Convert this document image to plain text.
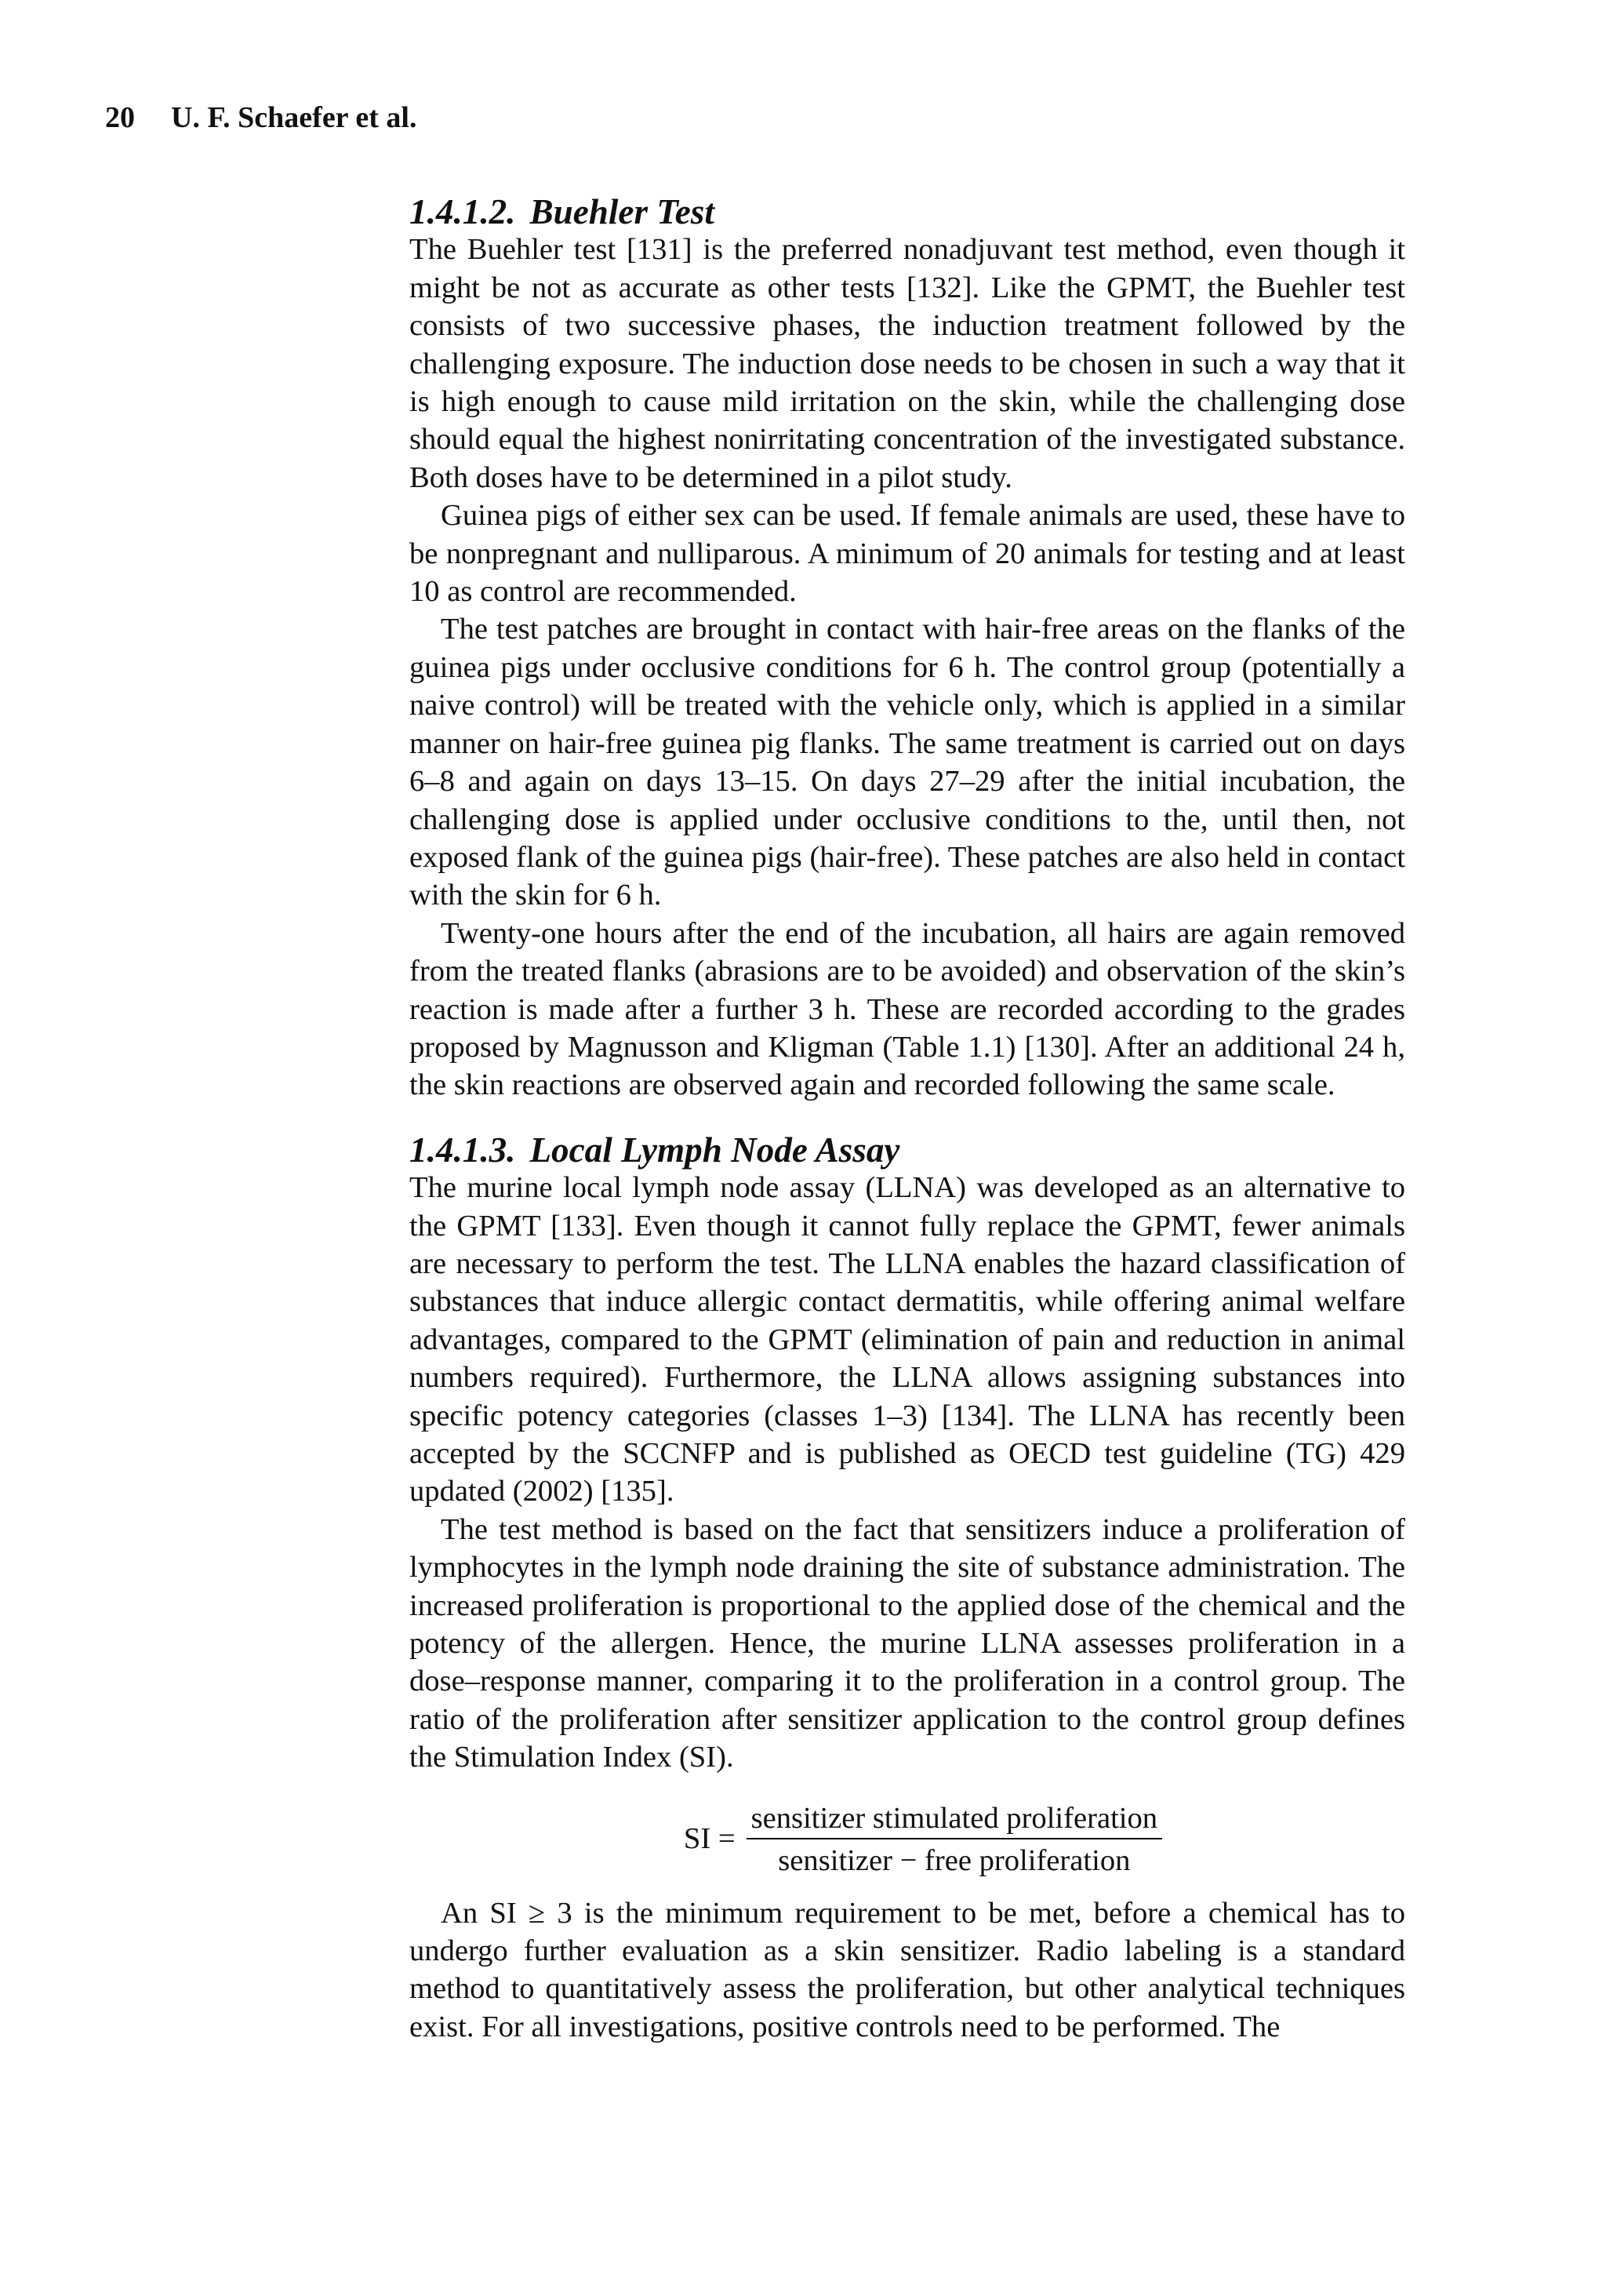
20 U. F. Schaefer et al.
1.4.1.2. Buehler Test

The Buehler test [131] is the preferred nonadjuvant test method, even though it might be not as accurate as other tests [132]. Like the GPMT, the Buehler test consists of two successive phases, the induction treatment followed by the challenging exposure. The induction dose needs to be chosen in such a way that it is high enough to cause mild irritation on the skin, while the challenging dose should equal the highest nonirritating concentration of the investigated substance. Both doses have to be determined in a pilot study.

Guinea pigs of either sex can be used. If female animals are used, these have to be nonpregnant and nulliparous. A minimum of 20 animals for testing and at least 10 as control are recommended.

The test patches are brought in contact with hair-free areas on the flanks of the guinea pigs under occlusive conditions for 6 h. The control group (potentially a naive control) will be treated with the vehicle only, which is applied in a similar manner on hair-free guinea pig flanks. The same treatment is carried out on days 6–8 and again on days 13–15. On days 27–29 after the initial incubation, the challenging dose is applied under occlusive conditions to the, until then, not exposed flank of the guinea pigs (hair-free). These patches are also held in contact with the skin for 6 h.

Twenty-one hours after the end of the incubation, all hairs are again removed from the treated flanks (abrasions are to be avoided) and observation of the skin’s reaction is made after a further 3 h. These are recorded according to the grades proposed by Magnusson and Kligman (Table 1.1) [130]. After an additional 24 h, the skin reactions are observed again and recorded following the same scale.

1.4.1.3. Local Lymph Node Assay

The murine local lymph node assay (LLNA) was developed as an alternative to the GPMT [133]. Even though it cannot fully replace the GPMT, fewer animals are necessary to perform the test. The LLNA enables the hazard classification of substances that induce allergic contact dermatitis, while offering animal welfare advantages, compared to the GPMT (elimination of pain and reduction in animal numbers required). Furthermore, the LLNA allows assigning substances into specific potency categories (classes 1–3) [134]. The LLNA has recently been accepted by the SCCNFP and is published as OECD test guideline (TG) 429 updated (2002) [135].

The test method is based on the fact that sensitizers induce a proliferation of lymphocytes in the lymph node draining the site of substance administration. The increased proliferation is proportional to the applied dose of the chemical and the potency of the allergen. Hence, the murine LLNA assesses proliferation in a dose–response manner, comparing it to the proliferation in a control group. The ratio of the proliferation after sensitizer application to the control group defines the Stimulation Index (SI).

SI = $\frac{\text{sensitizer stimulated proliferation}}{\text{sensitizer − free proliferation}}$

An SI ≥ 3 is the minimum requirement to be met, before a chemical has to undergo further evaluation as a skin sensitizer. Radio labeling is a standard method to quantitatively assess the proliferation, but other analytical techniques exist. For all investigations, positive controls need to be performed. The
